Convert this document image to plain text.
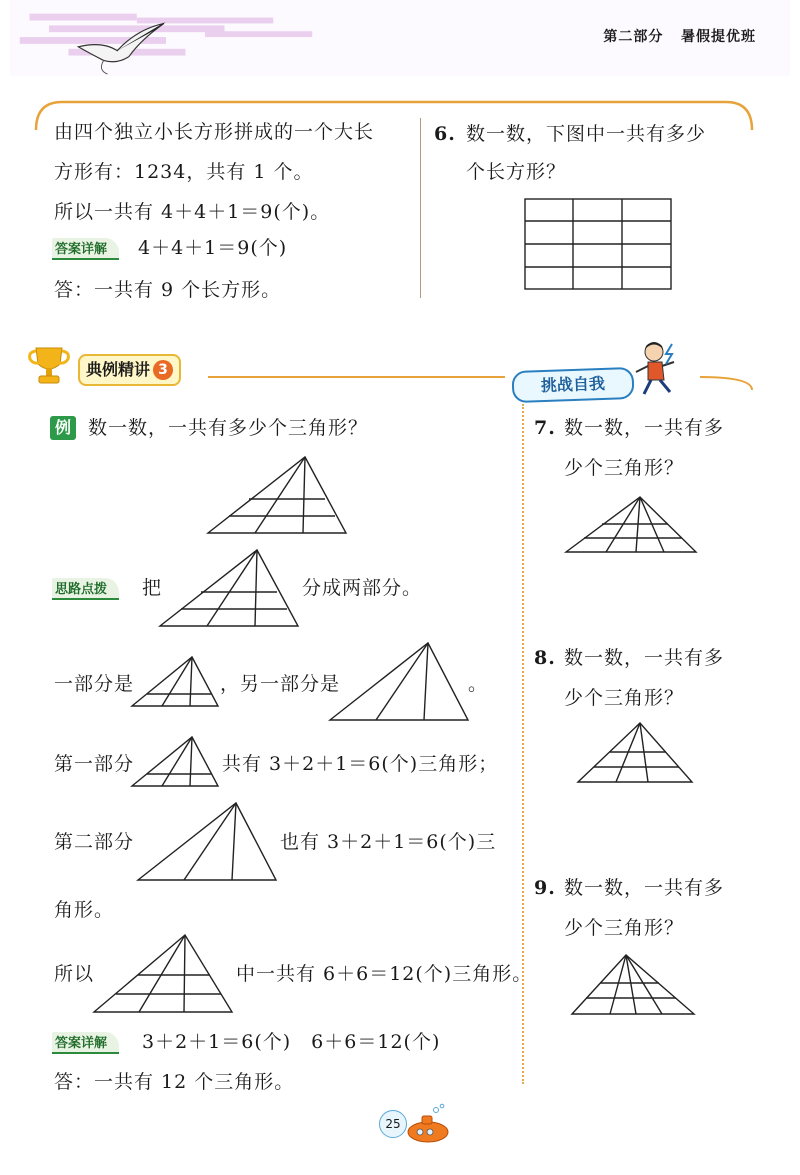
第二部分 暑假提优班
由四个独立小长方形拼成的一个大长
方形有：1234，共有 1 个。
所以一共有 4＋4＋1＝9(个)。
答案详解	4＋4＋1＝9(个)
答：一共有 9 个长方形。
6. 数一数，下图中一共有多少
个长方形？
典例精讲 3
挑战自我
例 数一数，一共有多少个三角形？
思路点拨	把	分成两部分。
一部分是	，另一部分是	。
第一部分	共有 3＋2＋1＝6(个)三角形；
第二部分	也有 3＋2＋1＝6(个)三
角形。
所以	中一共有 6＋6＝12(个)三角形。
答案详解	3＋2＋1＝6(个)　6＋6＝12(个)
答：一共有 12 个三角形。
7. 数一数，一共有多
少个三角形？
8. 数一数，一共有多
少个三角形？
9. 数一数，一共有多
少个三角形？
25
